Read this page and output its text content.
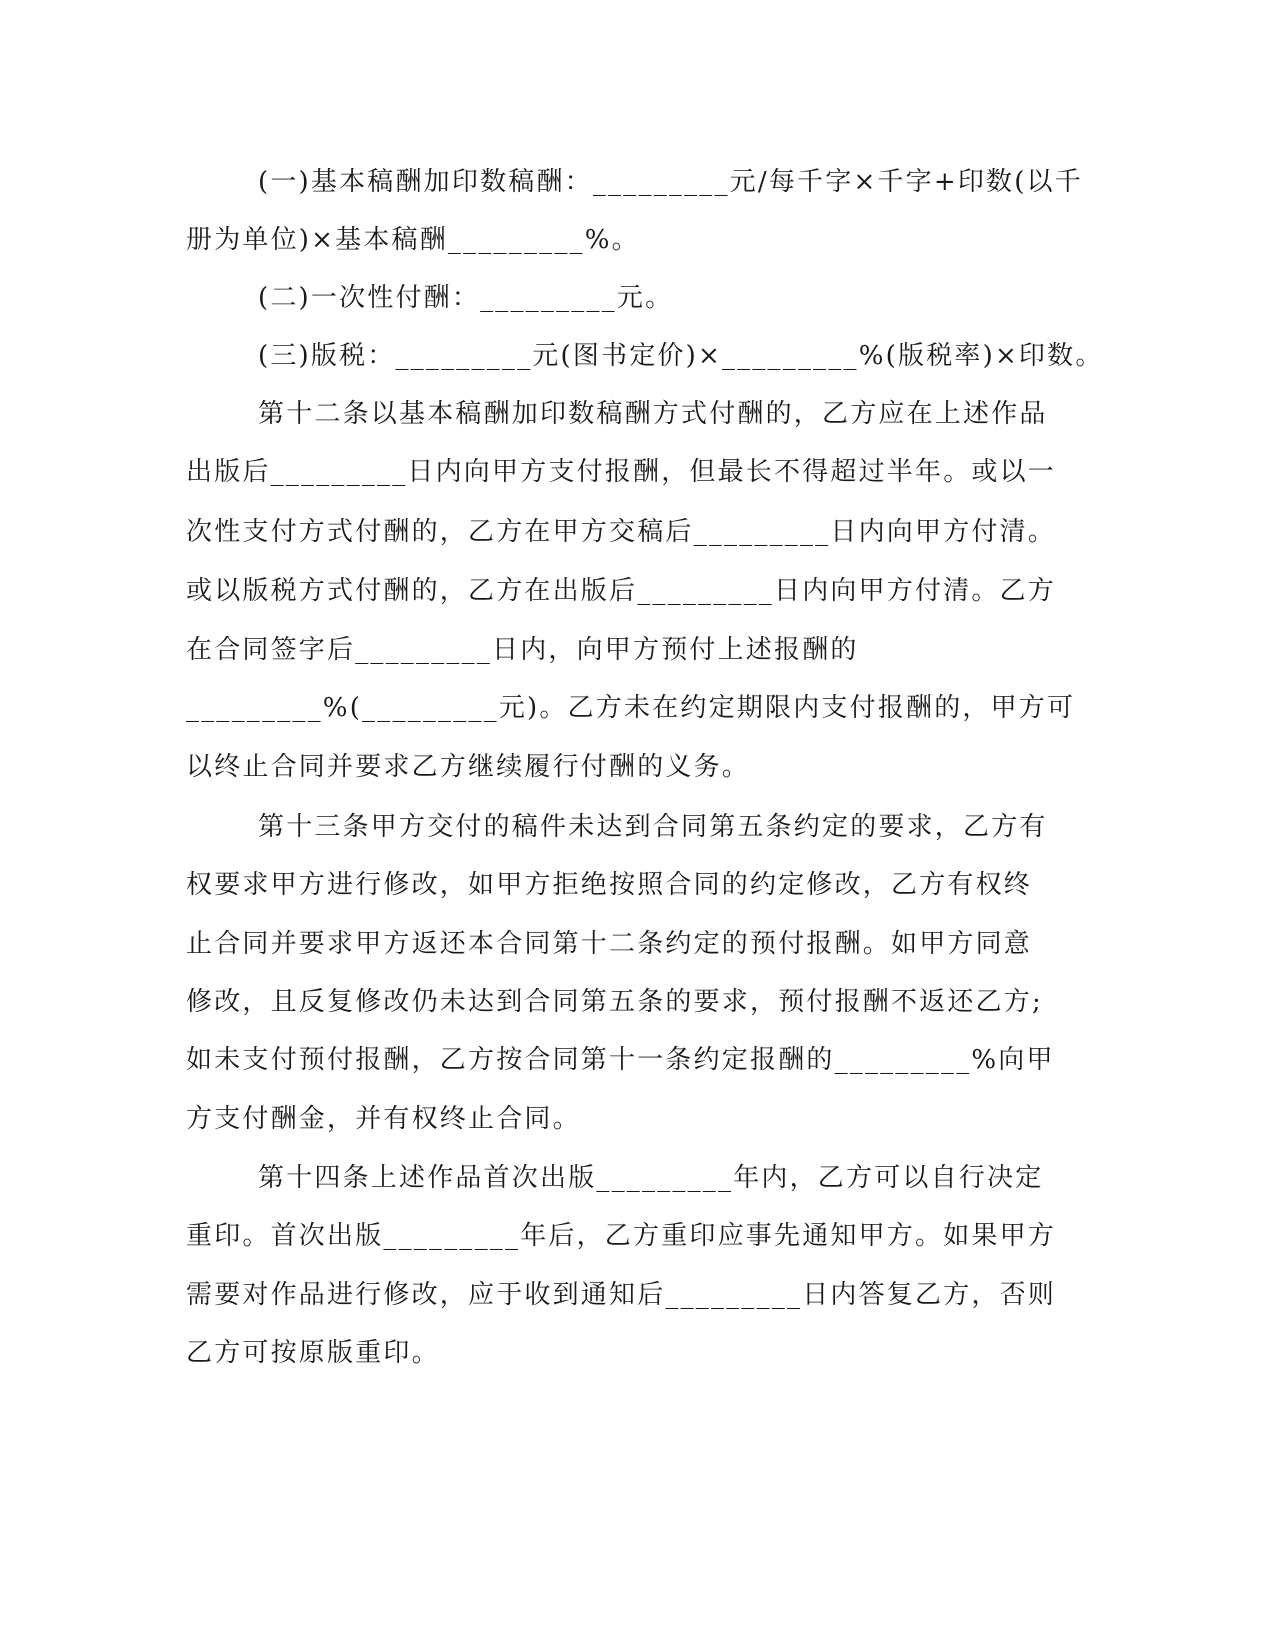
(一)基本稿酬加印数稿酬：_________元/每千字×千字+印数(以千
册为单位)×基本稿酬_________%。
(二)一次性付酬：_________元。
(三)版税：_________元(图书定价)×_________%(版税率)×印数。
第十二条以基本稿酬加印数稿酬方式付酬的，乙方应在上述作品
出版后_________日内向甲方支付报酬，但最长不得超过半年。或以一
次性支付方式付酬的，乙方在甲方交稿后_________日内向甲方付清。
或以版税方式付酬的，乙方在出版后_________日内向甲方付清。乙方
在合同签字后_________日内，向甲方预付上述报酬的
_________%(_________元)。乙方未在约定期限内支付报酬的，甲方可
以终止合同并要求乙方继续履行付酬的义务。
第十三条甲方交付的稿件未达到合同第五条约定的要求，乙方有
权要求甲方进行修改，如甲方拒绝按照合同的约定修改，乙方有权终
止合同并要求甲方返还本合同第十二条约定的预付报酬。如甲方同意
修改，且反复修改仍未达到合同第五条的要求，预付报酬不返还乙方;
如未支付预付报酬，乙方按合同第十一条约定报酬的_________%向甲
方支付酬金，并有权终止合同。
第十四条上述作品首次出版_________年内，乙方可以自行决定
重印。首次出版_________年后，乙方重印应事先通知甲方。如果甲方
需要对作品进行修改，应于收到通知后_________日内答复乙方，否则
乙方可按原版重印。
